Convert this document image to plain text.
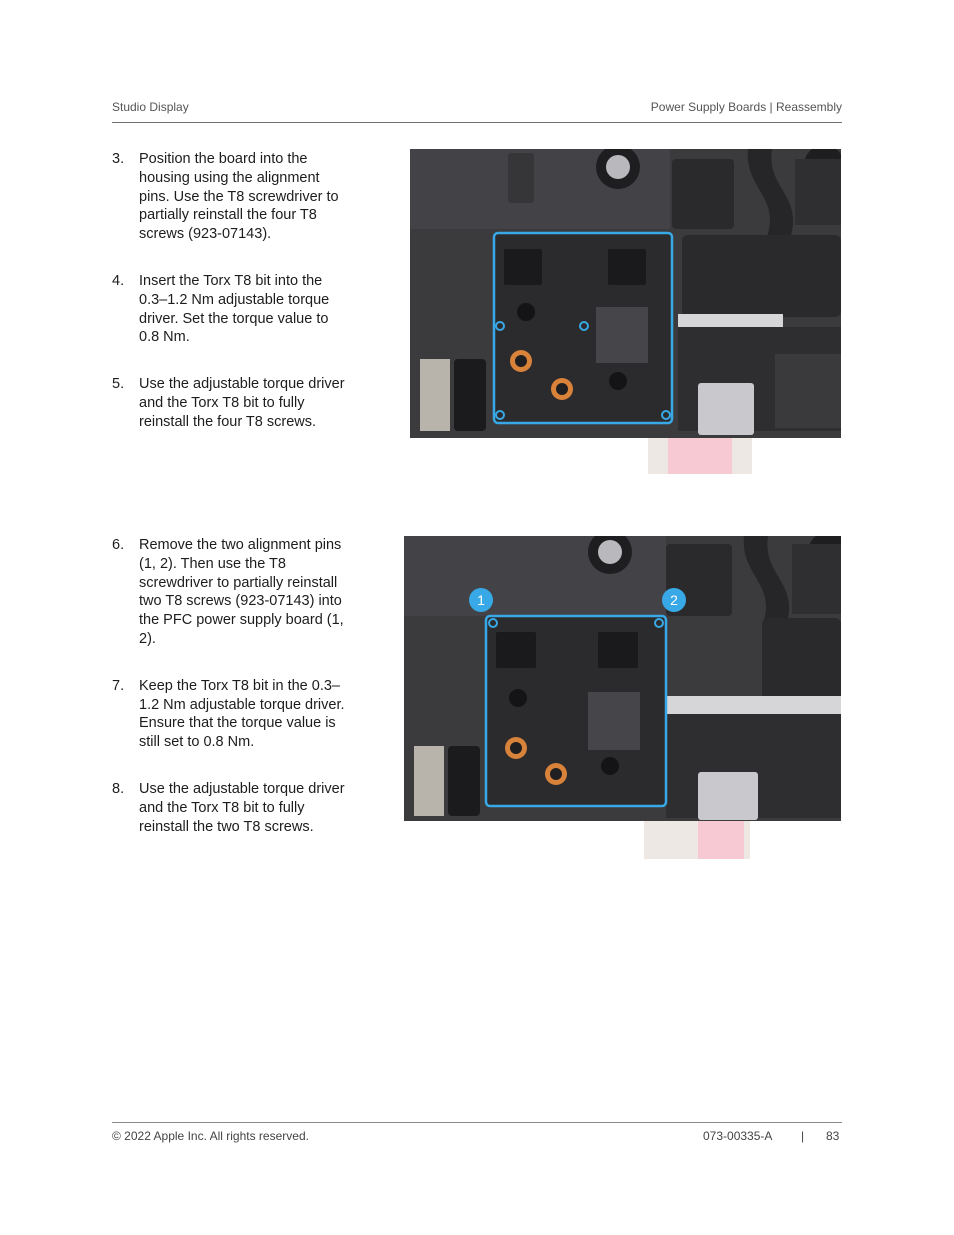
Studio Display	Power Supply Boards | Reassembly
3. Position the board into the housing using the alignment pins. Use the T8 screwdriver to partially reinstall the four T8 screws (923-07143).
4. Insert the Torx T8 bit into the 0.3–1.2 Nm adjustable torque driver. Set the torque value to 0.8 Nm.
5. Use the adjustable torque driver and the Torx T8 bit to fully reinstall the four T8 screws.
6. Remove the two alignment pins (1, 2). Then use the T8 screwdriver to partially reinstall two T8 screws (923-07143) into the PFC power supply board (1, 2).
7. Keep the Torx T8 bit in the 0.3–1.2 Nm adjustable torque driver. Ensure that the torque value is still set to 0.8 Nm.
8. Use the adjustable torque driver and the Torx T8 bit to fully reinstall the two T8 screws.
1	2
© 2022 Apple Inc. All rights reserved.	073-00335-A | 83
